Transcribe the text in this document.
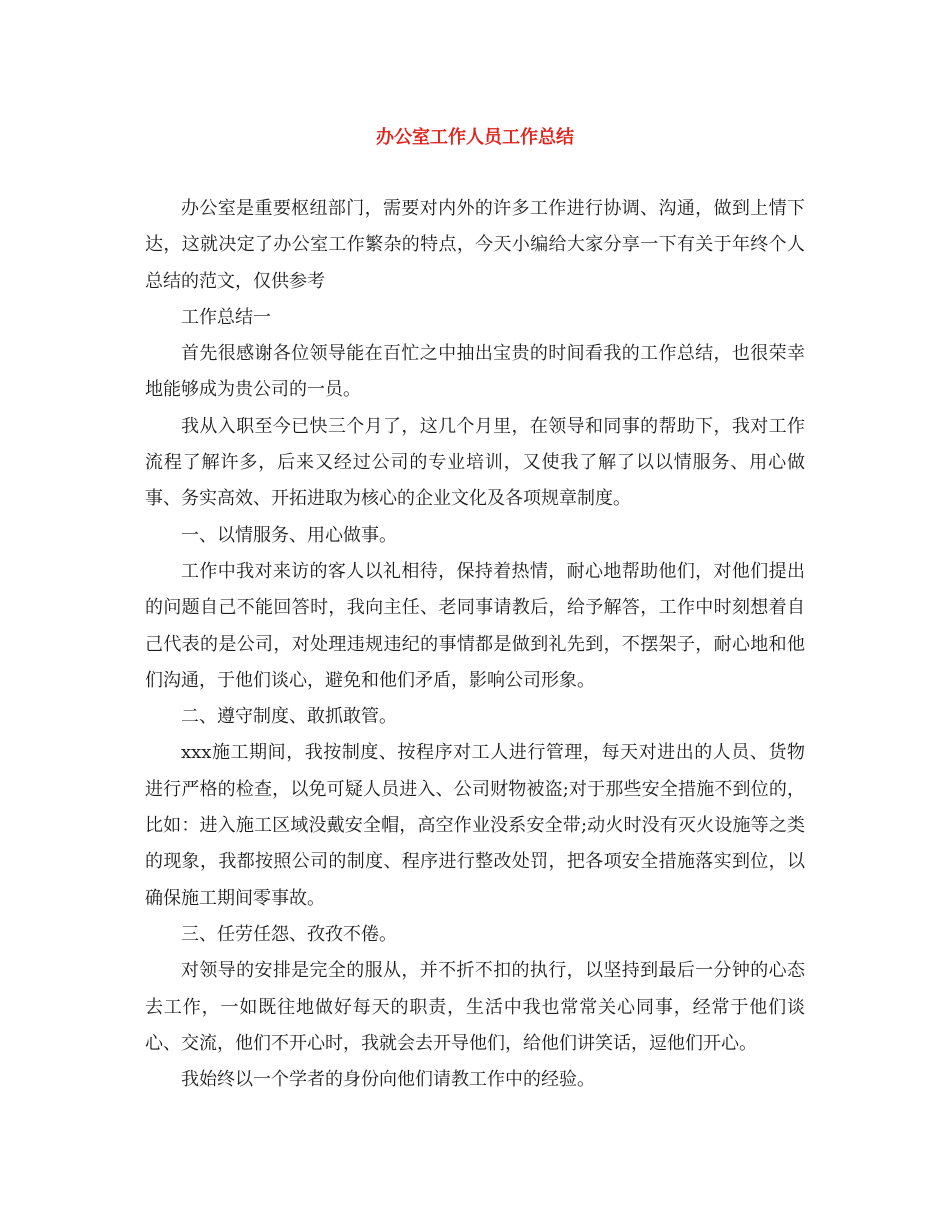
办公室工作人员工作总结

办公室是重要枢纽部门，需要对内外的许多工作进行协调、沟通，做到上情下达，这就决定了办公室工作繁杂的特点，今天小编给大家分享一下有关于年终个人总结的范文，仅供参考

工作总结一

首先很感谢各位领导能在百忙之中抽出宝贵的时间看我的工作总结，也很荣幸地能够成为贵公司的一员。

我从入职至今已快三个月了，这几个月里，在领导和同事的帮助下，我对工作流程了解许多，后来又经过公司的专业培训，又使我了解了以以情服务、用心做事、务实高效、开拓进取为核心的企业文化及各项规章制度。

一、以情服务、用心做事。

工作中我对来访的客人以礼相待，保持着热情，耐心地帮助他们，对他们提出的问题自己不能回答时，我向主任、老同事请教后，给予解答，工作中时刻想着自己代表的是公司，对处理违规违纪的事情都是做到礼先到，不摆架子，耐心地和他们沟通，于他们谈心，避免和他们矛盾，影响公司形象。

二、遵守制度、敢抓敢管。

xxx施工期间，我按制度、按程序对工人进行管理，每天对进出的人员、货物进行严格的检查，以免可疑人员进入、公司财物被盗;对于那些安全措施不到位的，比如：进入施工区域没戴安全帽，高空作业没系安全带;动火时没有灭火设施等之类的现象，我都按照公司的制度、程序进行整改处罚，把各项安全措施落实到位，以确保施工期间零事故。

三、任劳任怨、孜孜不倦。

对领导的安排是完全的服从，并不折不扣的执行，以坚持到最后一分钟的心态去工作，一如既往地做好每天的职责，生活中我也常常关心同事，经常于他们谈心、交流，他们不开心时，我就会去开导他们，给他们讲笑话，逗他们开心。

我始终以一个学者的身份向他们请教工作中的经验。
